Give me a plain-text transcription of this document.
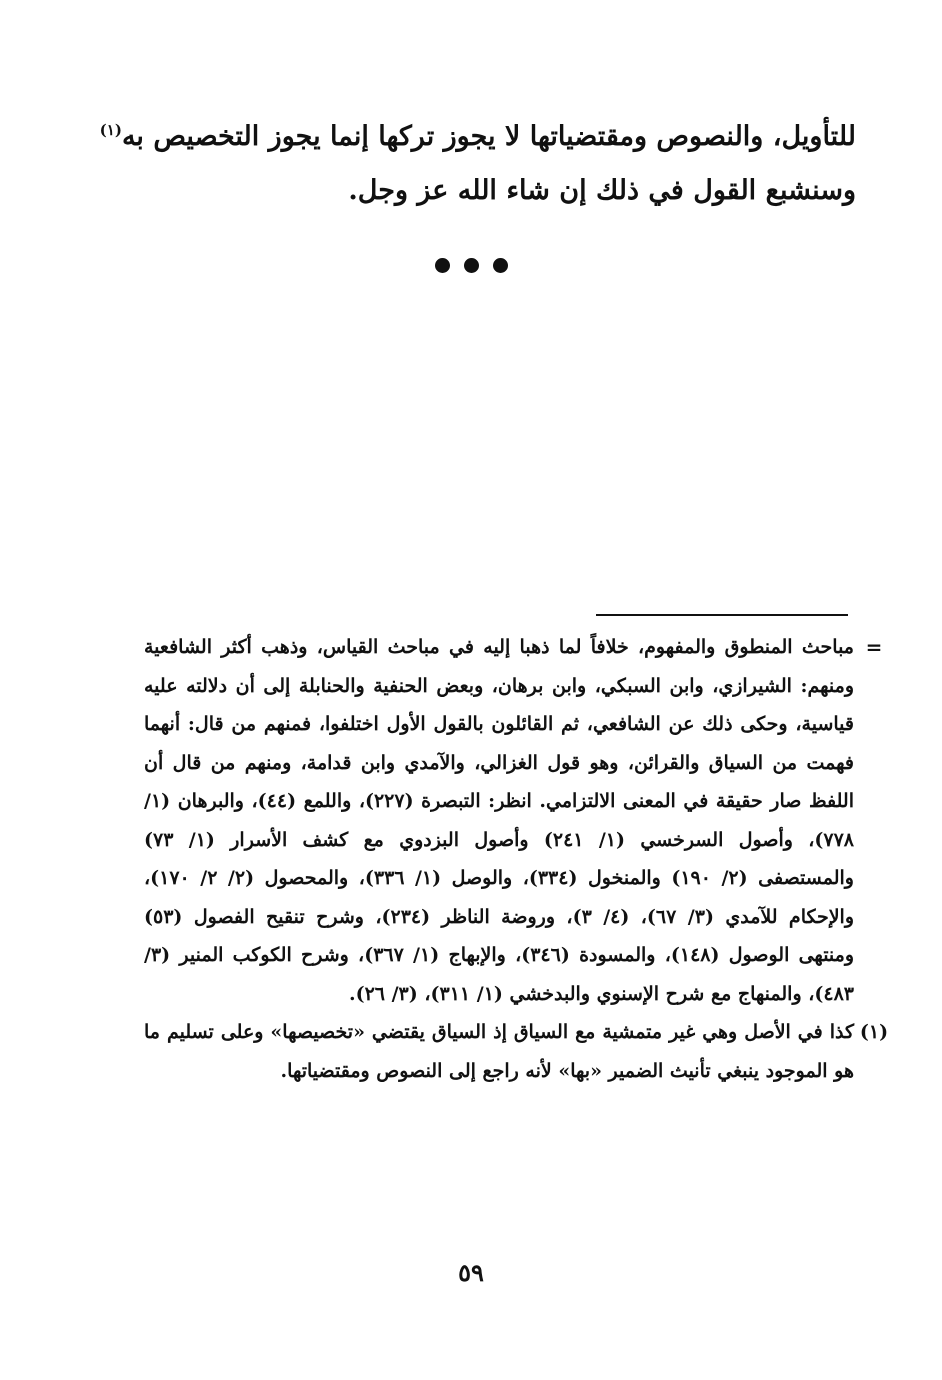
للتأويل، والنصوص ومقتضياتها لا يجوز تركها إنما يجوز التخصيص به$^{(١)}$
وسنشبع القول في ذلك إن شاء الله عز وجل.
=
مباحث المنطوق والمفهوم، خلافاً لما ذهبا إليه في مباحث القياس، وذهب أكثر الشافعية ومنهم: الشيرازي، وابن السبكي، وابن برهان، وبعض الحنفية والحنابلة إلى أن دلالته عليه قياسية، وحكى ذلك عن الشافعي، ثم القائلون بالقول الأول اختلفوا، فمنهم من قال: أنهما فهمت من السياق والقرائن، وهو قول الغزالي، والآمدي وابن قدامة، ومنهم من قال أن اللفظ صار حقيقة في المعنى الالتزامي. انظر: التبصرة (٢٢٧)، واللمع (٤٤)، والبرهان (١/ ٧٧٨)، وأصول السرخسي (١/ ٢٤١) وأصول البزدوي مع كشف الأسرار (١/ ٧٣) والمستصفى (٢/ ١٩٠) والمنخول (٣٣٤)، والوصل (١/ ٣٣٦)، والمحصول (٢/ ٢/ ١٧٠)، والإحكام للآمدي (٣/ ٦٧)، (٤/ ٣)، وروضة الناظر (٢٣٤)، وشرح تنقيح الفصول (٥٣) ومنتهى الوصول (١٤٨)، والمسودة (٣٤٦)، والإبهاج (١/ ٣٦٧)، وشرح الكوكب المنير (٣/ ٤٨٣)، والمنهاج مع شرح الإسنوي والبدخشي (١/ ٣١١)، (٣/ ٢٦).
(١)
كذا في الأصل وهي غير متمشية مع السياق إذ السياق يقتضي «تخصيصها» وعلى تسليم ما هو الموجود ينبغي تأنيث الضمير «بها» لأنه راجع إلى النصوص ومقتضياتها.
٥٩
